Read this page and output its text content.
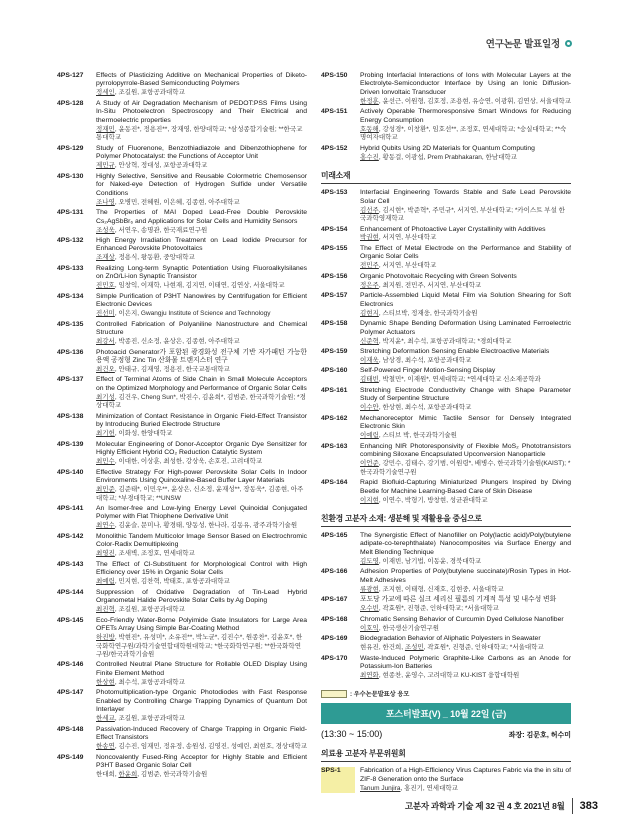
연구논문 발표일정
4PS-127	Effects of Plasticizing Additive on Mechanical Properties of Diketo-pyrrolopyrrole-Based Semiconducting Polymers
정세인, 조길원, 포항공과대학교
4PS-128	A Study of Air Degradation Mechanism of PEDOT:PSS Films Using In-Situ Photoelectron Spectroscopy and Their Electrical and thermoelectric properties
정재민, 윤동진*, 정용진**, 장재영, 한양대학교; *삼성종합기술원; **한국교통대학교
4PS-129	Study of Fluorenone, Benzothiadiazole and Dibenzothiophene for Polymer Photocatalyst: the Functions of Acceptor Unit
제민규, 안상혁, 정대성, 포항공과대학교
4PS-130	Highly Selective, Sensitive and Reusable Colormetric Chemosensor for Naked-eye Detection of Hydrogen Sulfide under Versatile Conditions
조나영, 오병민, 전혜원, 이은혜, 김종현, 아주대학교
4PS-131	The Properties of MAI Doped Lead-Free Double Perovskite Cs₂AgSbBr₆ and Applications for Solar Cells and Humidity Sensors
조성욱, 서연우, 송명관, 한국재료연구원
4PS-132	High Energy Irradiation Treatment on Lead Iodide Precursor for Enhanced Perovskite Photovoltaics
조재상, 정용식, 왕동환, 중앙대학교
4PS-133	Realizing Long-term Synaptic Potentiation Using Fluoroalkylsilanes on ZnO/Li-ion Synaptic Transistor
진민호, 임창익, 이재학, 나현재, 김지연, 이태연, 김연상, 서울대학교
4PS-134	Simple Purification of P3HT Nanowires by Centrifugation for Efficient Electronic Devices
진선미, 이은지, Gwangju Institute of Science and Technology
4PS-135	Controlled Fabrication of Polyaniline Nanostructure and Chemical Structure
최강서, 박종진, 신소정, 윤상은, 김종현, 아주대학교
4PS-136	Photoacid Generator가 포함된 광경화성 전구체 기반 자가패턴 가능한 용액 공정형 Zinc Tin 산화물 트랜지스터 연구
최건오, 안태규, 김재영, 정용진, 한국교통대학교
4PS-137	Effect of Terminal Atoms of Side Chain in Small Molecule Acceptors on the Optimized Morphology and Performance of Organic Solar Cells
최기성, 김건우, Cheng Sun*, 박진수, 김윤희*, 김범준, 한국과학기술원; *경상대학교
4PS-138	Minimization of Contact Resistance in Organic Field-Effect Transistor by Introducing Buried Electrode Structure
최기헌, 이화성, 한양대학교
4PS-139	Molecular Engineering of Donor-Acceptor Organic Dye Sensitizer for Highly Efficient Hybrid CO₂ Reduction Catalytic System
최민수, 이대한, 이상훈, 최성한, 강상욱, 손호진, 고려대학교
4PS-140	Effective Strategy For High-power Perovskite Solar Cells In Indoor Environments Using Quinoxaline-Based Buffer Layer Materials
최민준, 김준태*, 이민우**, 윤상은, 신소정, 윤재성**, 장동욱*, 김종현, 아주대학교; *부경대학교; **UNSW
4PS-141	An Isomer-free and Low-lying Energy Level Quinoidal Conjugated Polymer with Flat Thiophene Derivative Unit
최연수, 김윤슬, 문미나, 황경태, 양동성, 한나라, 김동유, 광주과학기술원
4PS-142	Monolithic Tandem Multicolor Image Sensor Based on Electrochromic Color-Radix Demultiplexing
최영진, 조새벽, 조정호, 연세대학교
4PS-143	The Effect of Cl-Substituent for Morphological Control with High Efficiency over 15% in Organic Solar Cells
최예림, 민지현, 김찬혁, 박태호, 포항공과대학교
4PS-144	Suppression of Oxidative Degradation of Tin-Lead Hybrid Organometal Halide Perovskite Solar Cells by Ag Doping
최진혁, 조길원, 포항공과대학교
4PS-145	Eco-Friendly Water-Borne Polyimide Gate Insulators for Large Area OFETs Array Using Simple Bar-Coating Method
하진방, 박현진*, 유성미*, 소유진**, 박노균*, 김진수*, 원종찬*, 김윤호*, 한국화학연구원/과학기술연합대학원대학교; *한국화학연구원; **한국화학연구원/한국과학기술원
4PS-146	Controlled Neutral Plane Structure for Rollable OLED Display Using Finite Element Method
한상현, 최수석, 포항공과대학교
4PS-147	Photomultiplication-type Organic Photodiodes with Fast Response Enabled by Controlling Charge Trapping Dynamics of Quantum Dot Interlayer
한세교, 조길원, 포항공과대학교
4PS-148	Passivation-Induced Recovery of Charge Trapping in Organic Field-Effect Transistors
한송연, 김수진, 임재민, 정유정, 송원성, 김영진, 성예린, 최현호, 경상대학교
4PS-149	Noncovalently Fused-Ring Acceptor for Highly Stable and Efficient P3HT Based Organic Solar Cell
한대희, 한윤희, 김범준, 한국과학기술원
4PS-150	Probing Interfacial Interactions of Ions with Molecular Layers at the Electrolyte-Semiconductor Interface by Using an Ionic Diffusion-Driven Ionvoltaic Transducer
한정훈, 윤선근, 이원형, 김호정, 조용현, 유승연, 이광휘, 김연상, 서울대학교
4PS-151	Actively Operable Thermoresponsive Smart Windows for Reducing Energy Consumption
호동해, 강성경*, 이창환*, 임호선**, 조정호, 연세대학교; *숭실대학교; **숙명여자대학교
4PS-152	Hybrid Qubits Using 2D Materials for Quantum Computing
홍수진, 황동걸, 이광섭, Prem Prabhakaran, 한남대학교
미래소재
4PS-153	Interfacial Engineering Towards Stable and Safe Lead Perovskite Solar Cell
김선주, 김시현*, 박준혁*, 주민규*, 서지연, 부산대학교; *카이스트 부설 한국과학영재학교
4PS-154	Enhancement of Photoactive Layer Crystallinity with Additives
박권현, 서지연, 부산대학교
4PS-155	The Effect of Metal Electrode on the Performance and Stability of Organic Solar Cells
전민주, 서지연, 부산대학교
4PS-156	Organic Photovoltaic Recycling with Green Solvents
정은주, 최지원, 전민주, 서지연, 부산대학교
4PS-157	Particle-Assembled Liquid Metal Film via Solution Shearing for Soft Electronics
김현지, 스티브박, 정재웅, 한국과학기술원
4PS-158	Dynamic Shape Bending Deformation Using Laminated Ferroelectric Polymer Actuators
신준혁, 박지윤*, 최수석, 포항공과대학교; *경희대학교
4PS-159	Stretching Deformation Sensing Enable Electroactive Materials
이재욱, 남상경, 최수석, 포항공과대학교
4PS-160	Self-Powered Finger Motion-Sensing Display
김태빈, 박철민*, 이재원*, 연세대학교; *연세대학교 신소재공학과
4PS-161	Stretching Electrode Conductivity Change with Shape Parameter Study of Serpentine Structure
이수안, 한상현, 최수석, 포항공과대학교
4PS-162	Mechanoreceptor Mimic Tactile Sensor for Densely Integrated Electronic Skin
이예림, 스티브 박, 한국과학기술원
4PS-163	Enhancing NIR Photoresponsivity of Flexible MoS₂ Phototransistors combining Siloxane Encapsulated Upconversion Nanoparticle
이언준, 강민수, 김태수, 강기범, 이원령*, 배병수, 한국과학기술원(KAIST); *한국과학기술연구원
4PS-164	Rapid Biofluid-Capturing Miniaturized Plungers Inspired by Diving Beetle for Machine Learning-Based Care of Skin Disease
이지현, 이연수, 박형기, 방창현, 성균관대학교
친환경 고분자 소재: 생분해 및 재활용을 중심으로
4PS-165	The Synergistic Effect of Nanofiller on Poly(lactic acid)/Poly(butylene adipate-co-terephthalate) Nanocomposites via Surface Energy and Melt Blending Technique
김도영, 이재빈, 남기법, 이동윤, 경북대학교
4PS-166	Adhesion Properties of Poly(butylene succinate)/Rosin Types in Hot-Melt Adhesives
류광현, 조지현, 이태형, 신재호, 김현중, 서울대학교
4PS-167	포도당 가교에 따른 실크 세리신 필름의 기계적 특성 및 내수성 변화
오수빈, 곽효원*, 진형준, 인하대학교; *서울대학교
4PS-168	Chromatic Sensing Behavior of Curcumin Dyed Cellulose Nanofiber
이호익, 한국생산기술연구원
4PS-169	Biodegradation Behavior of Aliphatic Polyesters in Seawater
현유진, 한건희, 조성민, 곽효원*, 진형준, 인하대학교; *서울대학교
4PS-170	Waste-Induced Polymeric Graphite-Like Carbons as an Anode for Potassium-Ion Batteries
최연화, 현종찬, 윤영수, 고려대학교 KU-KIST 융합대학원
: 우수논문발표상 응모
포스터발표(V) _ 10월 22일 (금)
(13:30 ~ 15:00)	좌장: 김문호, 허수미
의료용 고분자 부문위원회
SPS-1	Fabrication of a High-Efficiency Virus Captures Fabric via the in situ of ZIF-8 Generation onto the Surface
Tanum Junjira, 홍진기, 연세대학교
고분자 과학과 기술 제 32 권 4 호 2021년 8월 383
